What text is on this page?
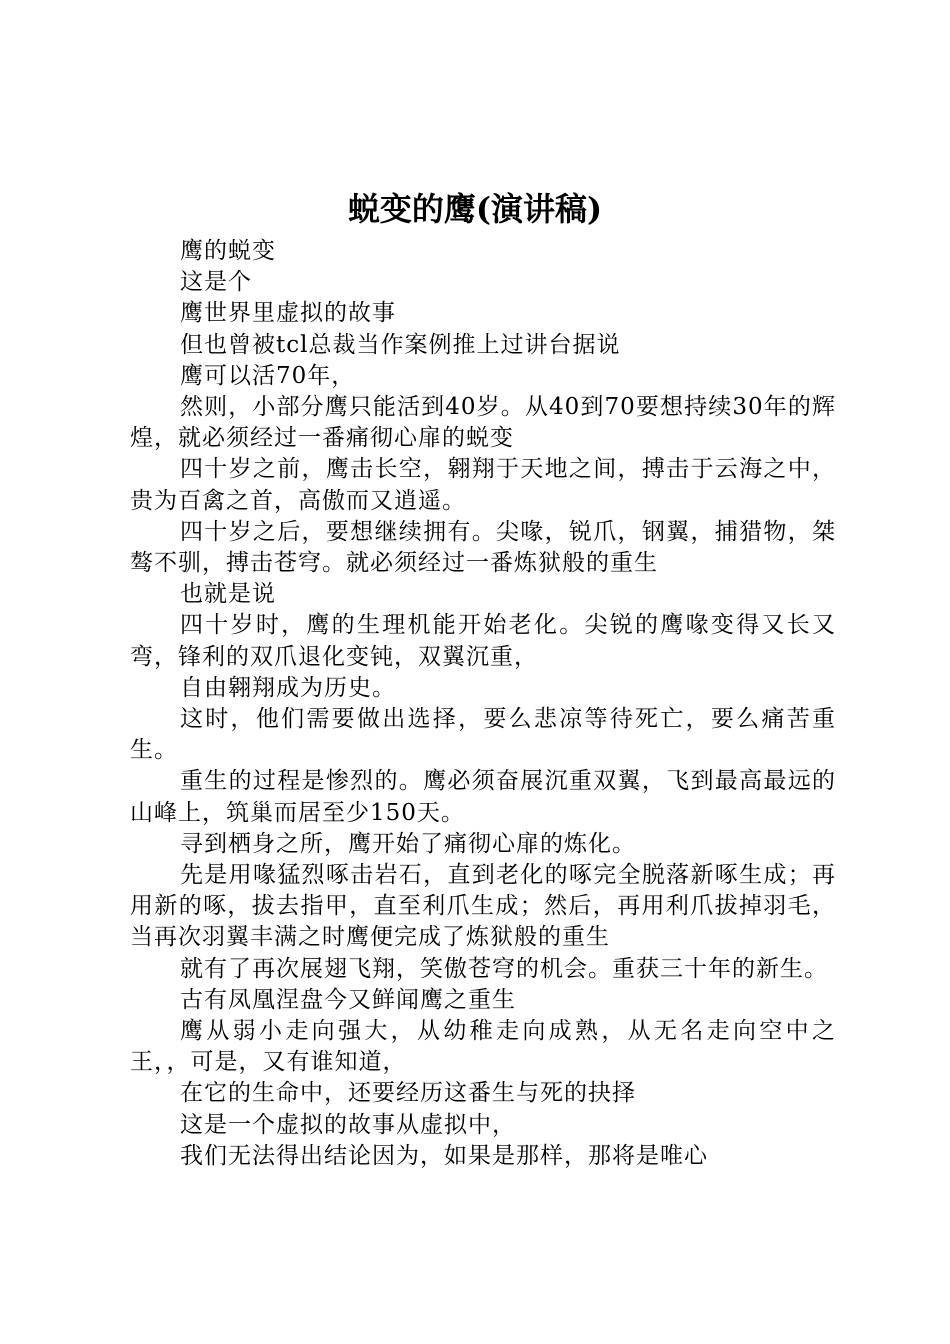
蜕变的鹰(演讲稿)

鹰的蜕变

这是个

鹰世界里虚拟的故事

但也曾被tcl总裁当作案例推上过讲台据说

鹰可以活70年，

然则，小部分鹰只能活到40岁。从40到70要想持续30年的辉煌，就必须经过一番痛彻心扉的蜕变

四十岁之前，鹰击长空，翱翔于天地之间，搏击于云海之中，贵为百禽之首，高傲而又逍遥。

四十岁之后，要想继续拥有。尖喙，锐爪，钢翼，捕猎物，桀骜不驯，搏击苍穹。就必须经过一番炼狱般的重生

也就是说

四十岁时，鹰的生理机能开始老化。尖锐的鹰喙变得又长又弯，锋利的双爪退化变钝，双翼沉重，

自由翱翔成为历史。

这时，他们需要做出选择，要么悲凉等待死亡，要么痛苦重生。

重生的过程是惨烈的。鹰必须奋展沉重双翼，飞到最高最远的山峰上，筑巢而居至少150天。

寻到栖身之所，鹰开始了痛彻心扉的炼化。

先是用喙猛烈啄击岩石，直到老化的啄完全脱落新啄生成；再用新的啄，拔去指甲，直至利爪生成；然后，再用利爪拔掉羽毛，当再次羽翼丰满之时鹰便完成了炼狱般的重生

就有了再次展翅飞翔，笑傲苍穹的机会。重获三十年的新生。

古有凤凰涅盘今又鲜闻鹰之重生

鹰从弱小走向强大，从幼稚走向成熟，从无名走向空中之王，，可是，又有谁知道，

在它的生命中，还要经历这番生与死的抉择

这是一个虚拟的故事从虚拟中，

我们无法得出结论因为，如果是那样，那将是唯心
